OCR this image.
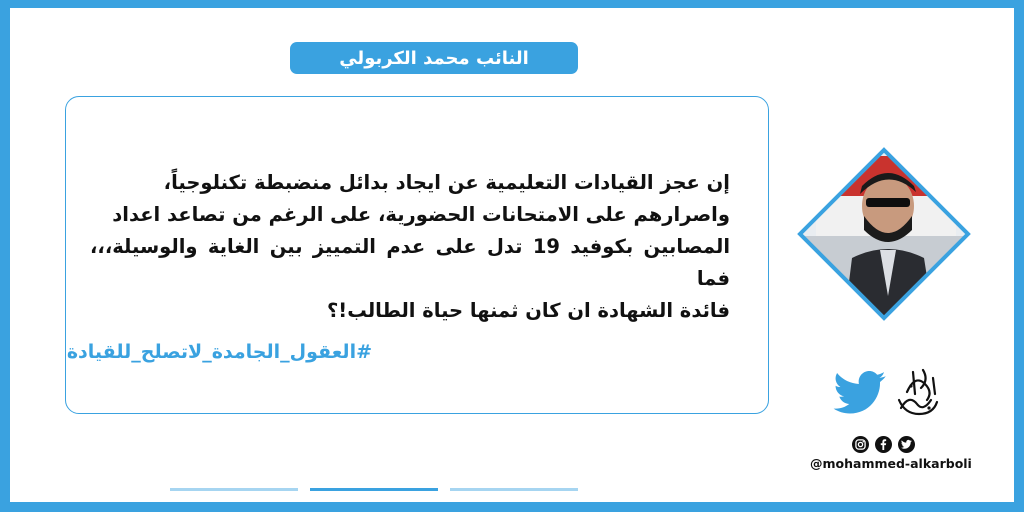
النائب محمد الكربولي
إن عجز القيادات التعليمية عن ايجاد بدائل منضبطة تكنلوجياً،
واصرارهم على الامتحانات الحضورية، على الرغم من تصاعد اعداد
المصابين بكوفيد 19 تدل على عدم التمييز بين الغاية والوسيلة،،، فما
فائدة الشهادة ان كان ثمنها حياة الطالب!؟
#العقول_الجامدة_لاتصلح_للقيادة
@mohammed-alkarboli
